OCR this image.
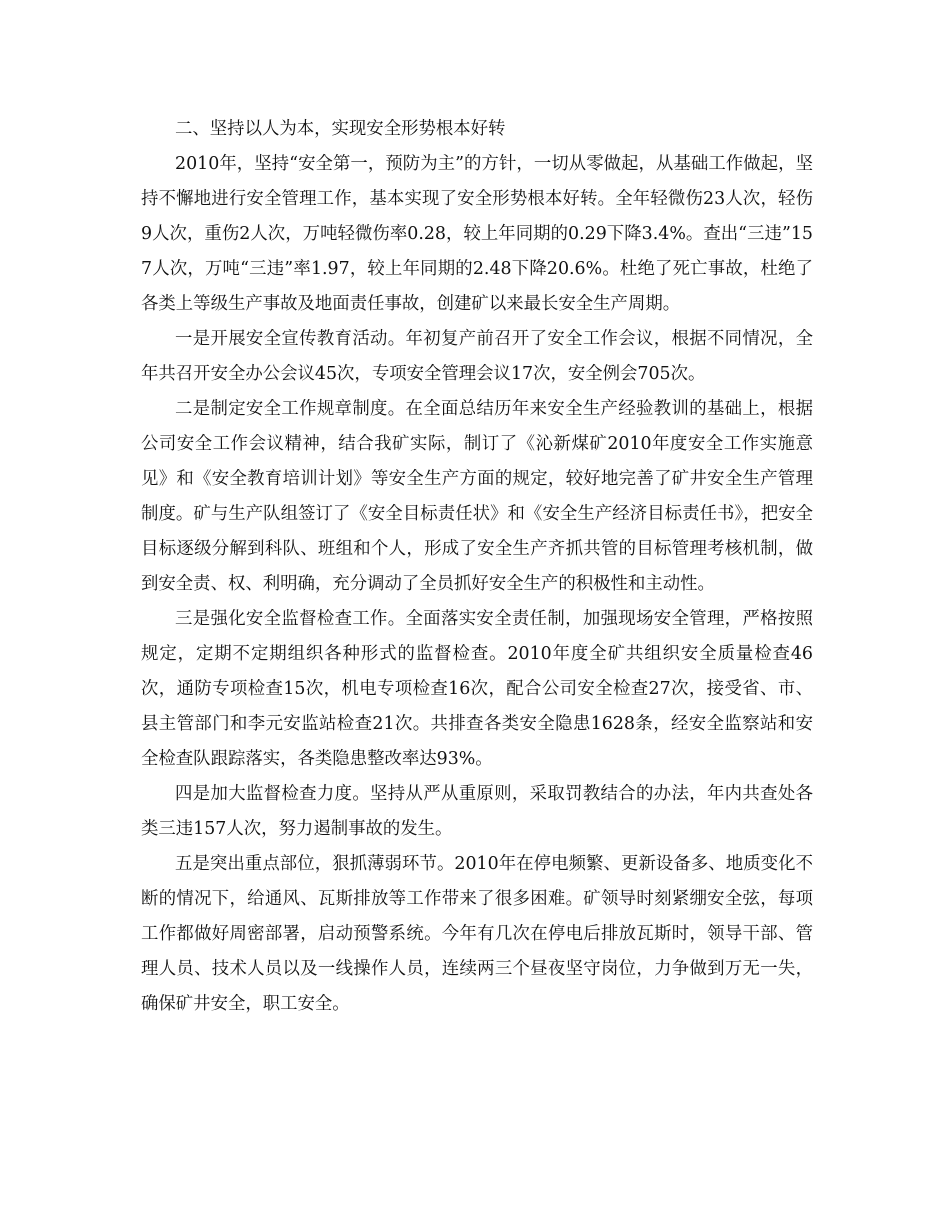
二、坚持以人为本，实现安全形势根本好转

2010年，坚持“安全第一，预防为主”的方针，一切从零做起，从基础工作做起，坚持不懈地进行安全管理工作，基本实现了安全形势根本好转。全年轻微伤23人次，轻伤9人次，重伤2人次，万吨轻微伤率0.28，较上年同期的0.29下降3.4%。查出“三违”157人次，万吨“三违”率1.97，较上年同期的2.48下降20.6%。杜绝了死亡事故，杜绝了各类上等级生产事故及地面责任事故，创建矿以来最长安全生产周期。

一是开展安全宣传教育活动。年初复产前召开了安全工作会议，根据不同情况，全年共召开安全办公会议45次，专项安全管理会议17次，安全例会705次。

二是制定安全工作规章制度。在全面总结历年来安全生产经验教训的基础上，根据公司安全工作会议精神，结合我矿实际，制订了《沁新煤矿2010年度安全工作实施意见》和《安全教育培训计划》等安全生产方面的规定，较好地完善了矿井安全生产管理制度。矿与生产队组签订了《安全目标责任状》和《安全生产经济目标责任书》，把安全目标逐级分解到科队、班组和个人，形成了安全生产齐抓共管的目标管理考核机制，做到安全责、权、利明确，充分调动了全员抓好安全生产的积极性和主动性。

三是强化安全监督检查工作。全面落实安全责任制，加强现场安全管理，严格按照规定，定期不定期组织各种形式的监督检查。2010年度全矿共组织安全质量检查46次，通防专项检查15次，机电专项检查16次，配合公司安全检查27次，接受省、市、县主管部门和李元安监站检查21次。共排查各类安全隐患1628条，经安全监察站和安全检查队跟踪落实，各类隐患整改率达93%。

四是加大监督检查力度。坚持从严从重原则，采取罚教结合的办法，年内共查处各类三违157人次，努力遏制事故的发生。

五是突出重点部位，狠抓薄弱环节。2010年在停电频繁、更新设备多、地质变化不断的情况下，给通风、瓦斯排放等工作带来了很多困难。矿领导时刻紧绷安全弦，每项工作都做好周密部署，启动预警系统。今年有几次在停电后排放瓦斯时，领导干部、管理人员、技术人员以及一线操作人员，连续两三个昼夜坚守岗位，力争做到万无一失，确保矿井安全，职工安全。
